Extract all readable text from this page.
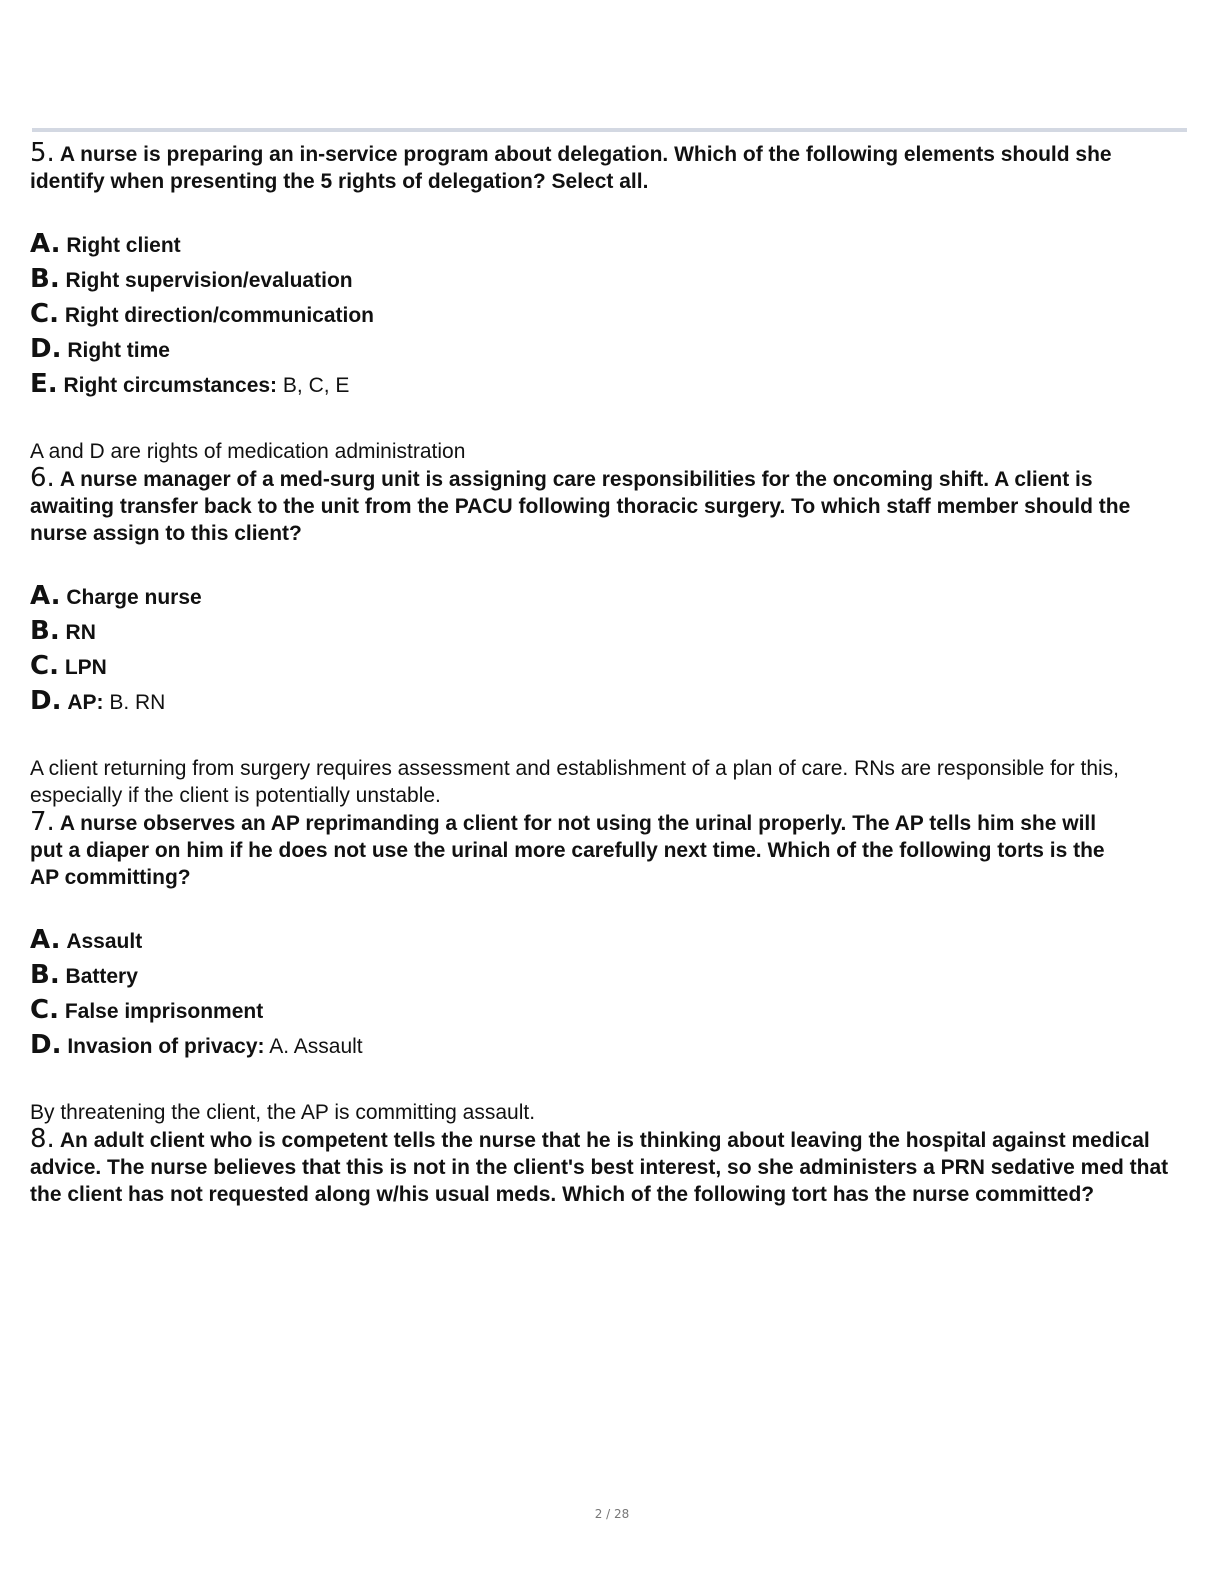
5. A nurse is preparing an in-service program about delegation. Which of the following elements should she identify when presenting the 5 rights of delegation? Select all.

A. Right client
B. Right supervision/evaluation
C. Right direction/communication
D. Right time
E. Right circumstances: B, C, E

A and D are rights of medication administration

6. A nurse manager of a med-surg unit is assigning care responsibilities for the oncoming shift. A client is awaiting transfer back to the unit from the PACU following thoracic surgery. To which staff member should the nurse assign to this client?

A. Charge nurse
B. RN
C. LPN
D. AP: B. RN

A client returning from surgery requires assessment and establishment of a plan of care. RNs are responsible for this, especially if the client is potentially unstable.

7. A nurse observes an AP reprimanding a client for not using the urinal properly. The AP tells him she will put a diaper on him if he does not use the urinal more carefully next time. Which of the following torts is the AP committing?

A. Assault
B. Battery
C. False imprisonment
D. Invasion of privacy: A. Assault

By threatening the client, the AP is committing assault.

8. An adult client who is competent tells the nurse that he is thinking about leaving the hospital against medical advice. The nurse believes that this is not in the client's best interest, so she administers a PRN sedative med that the client has not requested along w/his usual meds. Which of the following tort has the nurse committed?

2 / 28
